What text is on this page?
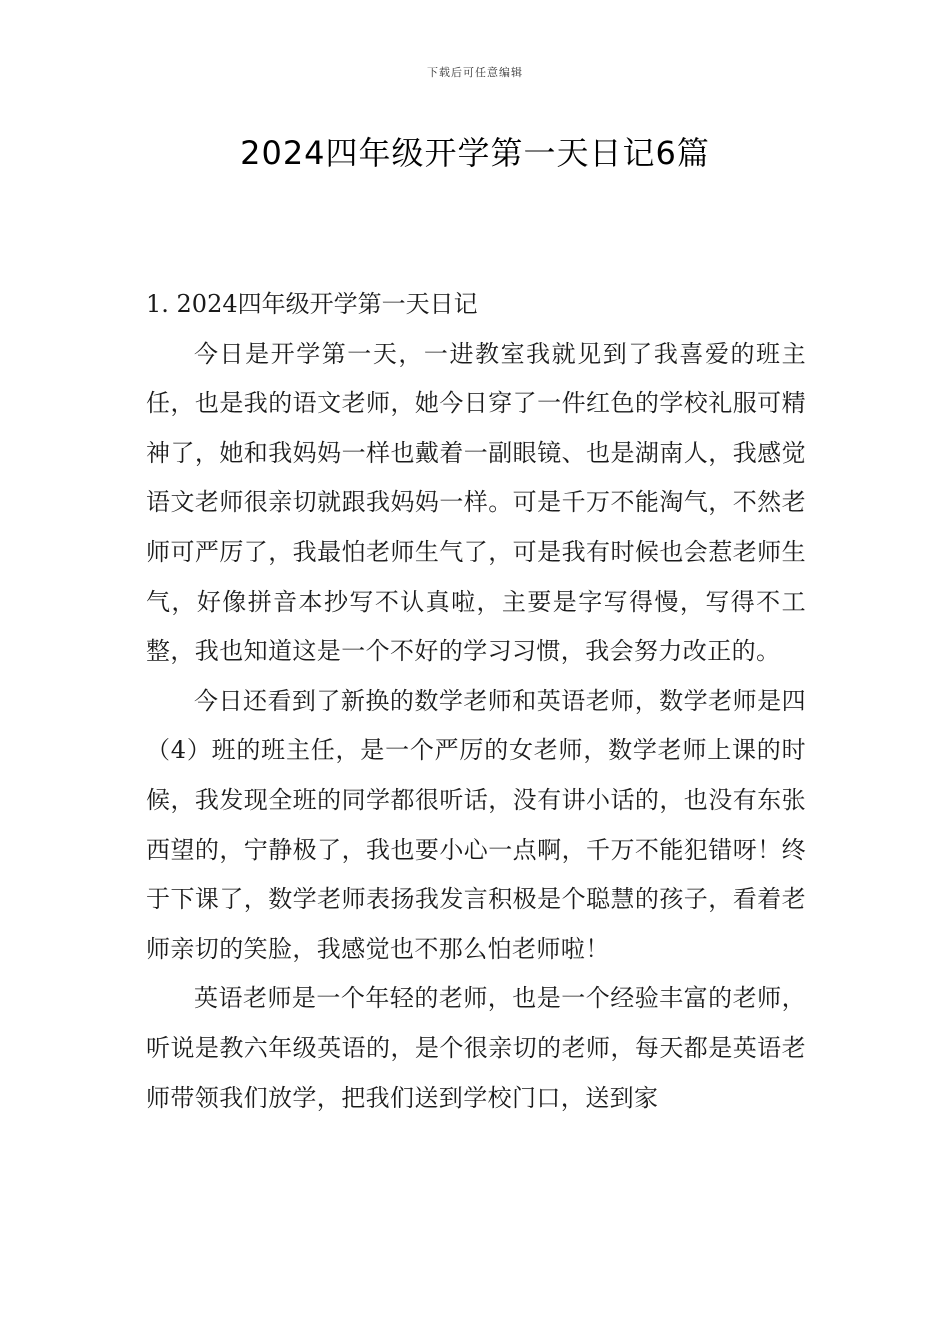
下载后可任意编辑
2024四年级开学第一天日记6篇
1. 2024四年级开学第一天日记

今日是开学第一天，一进教室我就见到了我喜爱的班主任，也是我的语文老师，她今日穿了一件红色的学校礼服可精神了，她和我妈妈一样也戴着一副眼镜、也是湖南人，我感觉语文老师很亲切就跟我妈妈一样。可是千万不能淘气，不然老师可严厉了，我最怕老师生气了，可是我有时候也会惹老师生气，好像拼音本抄写不认真啦，主要是字写得慢，写得不工整，我也知道这是一个不好的学习习惯，我会努力改正的。

今日还看到了新换的数学老师和英语老师，数学老师是四（4）班的班主任，是一个严厉的女老师，数学老师上课的时候，我发现全班的同学都很听话，没有讲小话的，也没有东张西望的，宁静极了，我也要小心一点啊，千万不能犯错呀！终于下课了，数学老师表扬我发言积极是个聪慧的孩子，看着老师亲切的笑脸，我感觉也不那么怕老师啦！

英语老师是一个年轻的老师，也是一个经验丰富的老师，听说是教六年级英语的，是个很亲切的老师，每天都是英语老师带领我们放学，把我们送到学校门口，送到家
